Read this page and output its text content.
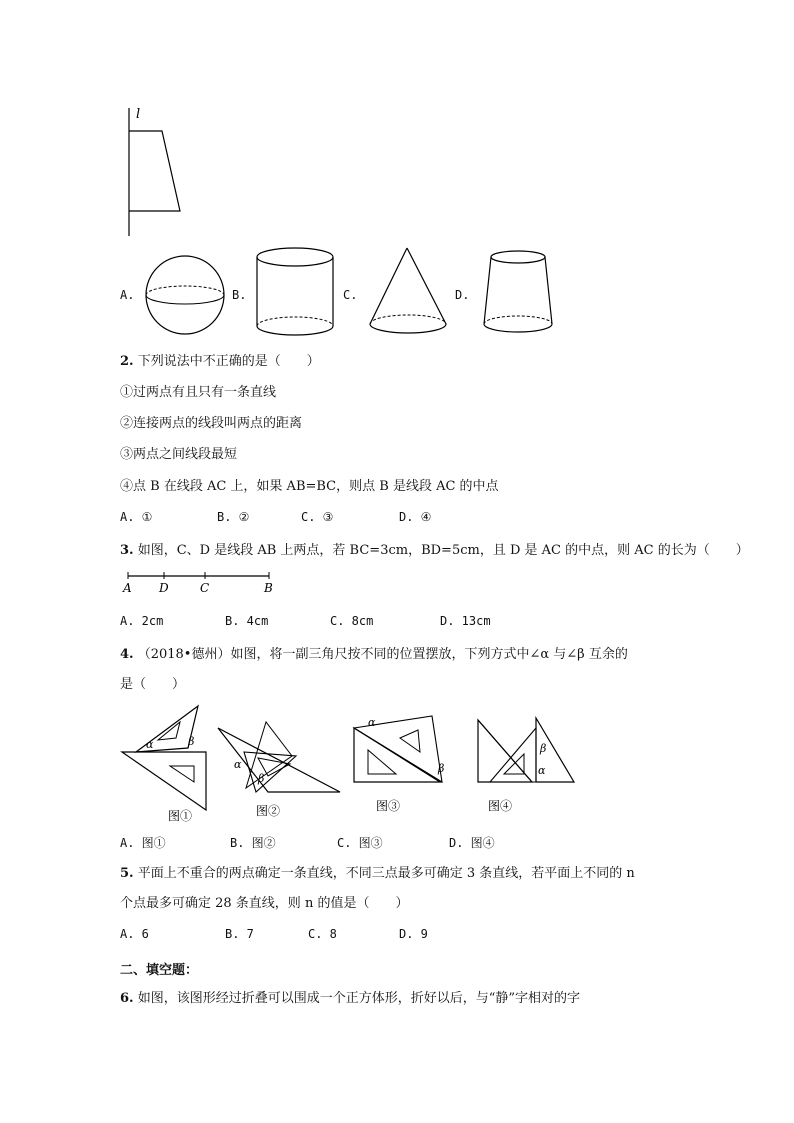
l
A.	B.	C.	D.
2. 下列说法中不正确的是（　　）
①过两点有且只有一条直线
②连接两点的线段叫两点的距离
③两点之间线段最短
④点 B 在线段 AC 上，如果 AB=BC，则点 B 是线段 AC 的中点
A. ①	B. ②	C. ③	D. ④
3. 如图，C、D 是线段 AB 上两点，若 BC=3cm，BD=5cm，且 D 是 AC 的中点，则 AC 的长为（　　）
A D	C	B
A. 2cm	B. 4cm	C. 8cm	D. 13cm
4. （2018•德州）如图，将一副三角尺按不同的位置摆放，下列方式中∠α 与∠β 互余的
是（　　）
α	β
图①
α
β
图②
α
β
图③
β
α
图④
A. 图①	B. 图②	C. 图③	D. 图④
5. 平面上不重合的两点确定一条直线，不同三点最多可确定 3 条直线，若平面上不同的 n
个点最多可确定 28 条直线，则 n 的值是（　　）
A. 6	B. 7	C. 8	D. 9
二、填空题：
6. 如图，该图形经过折叠可以围成一个正方体形，折好以后，与“静”字相对的字
